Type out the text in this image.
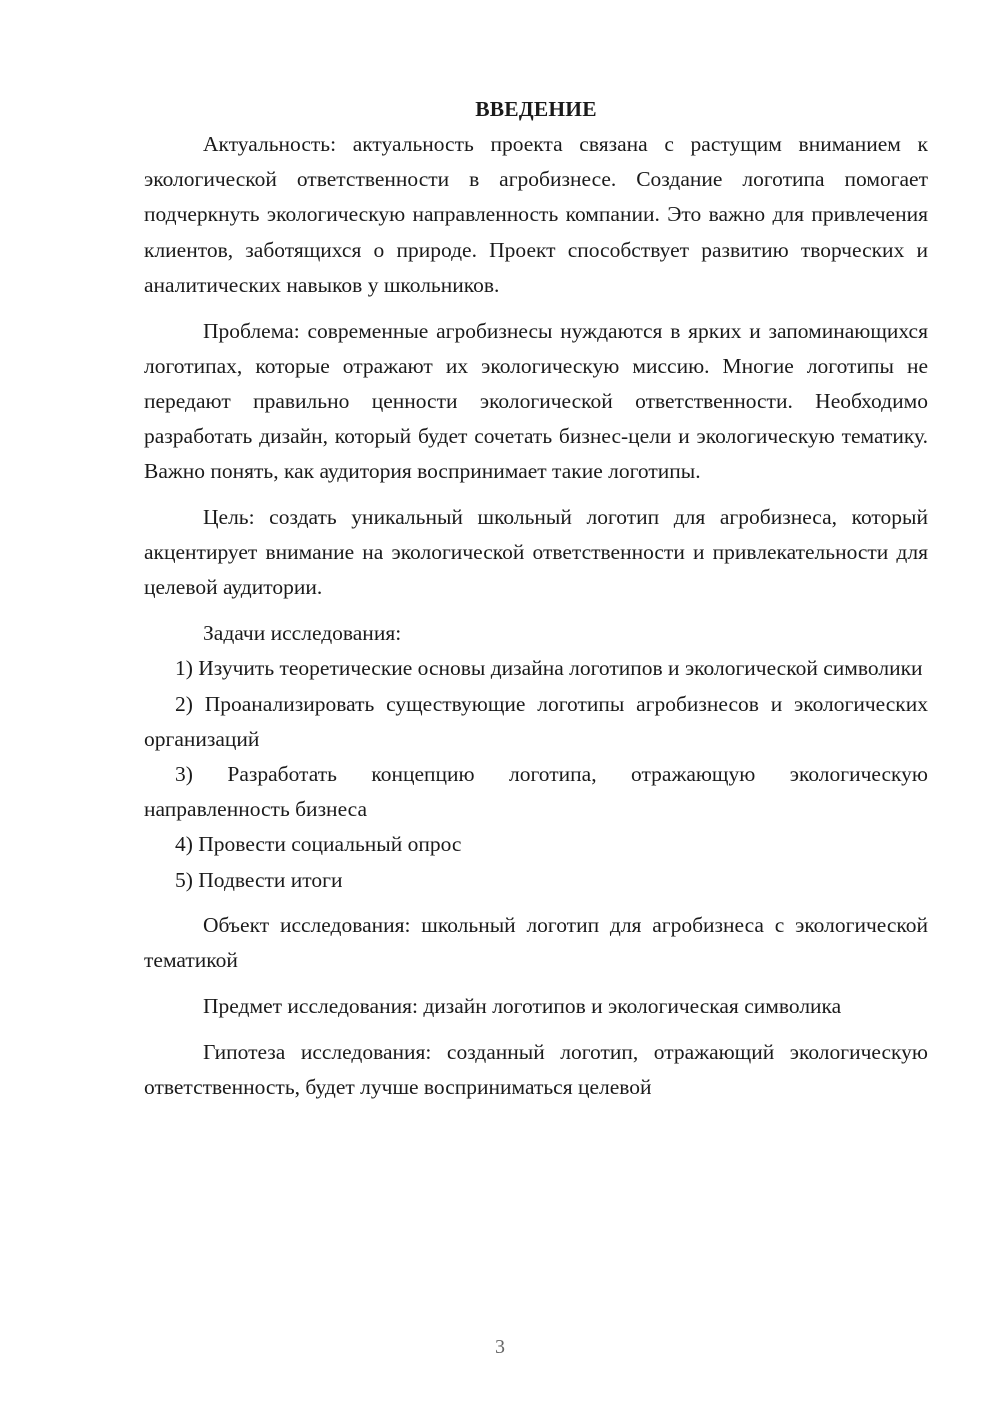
ВВЕДЕНИЕ

Актуальность: актуальность проекта связана с растущим вниманием к экологической ответственности в агробизнесе. Создание логотипа помогает подчеркнуть экологическую направленность компании. Это важно для привлечения клиентов, заботящихся о природе. Проект способствует развитию творческих и аналитических навыков у школьников.

Проблема: современные агробизнесы нуждаются в ярких и запоминающихся логотипах, которые отражают их экологическую миссию. Многие логотипы не передают правильно ценности экологической ответственности. Необходимо разработать дизайн, который будет сочетать бизнес-цели и экологическую тематику. Важно понять, как аудитория воспринимает такие логотипы.

Цель: создать уникальный школьный логотип для агробизнеса, который акцентирует внимание на экологической ответственности и привлекательности для целевой аудитории.

Задачи исследования:

1) Изучить теоретические основы дизайна логотипов и экологической символики

2) Проанализировать существующие логотипы агробизнесов и экологических организаций

3) Разработать концепцию логотипа, отражающую экологическую направленность бизнеса

4) Провести социальный опрос

5) Подвести итоги

Объект исследования: школьный логотип для агробизнеса с экологической тематикой

Предмет исследования: дизайн логотипов и экологическая символика

Гипотеза исследования: созданный логотип, отражающий экологическую ответственность, будет лучше восприниматься целевой

3
